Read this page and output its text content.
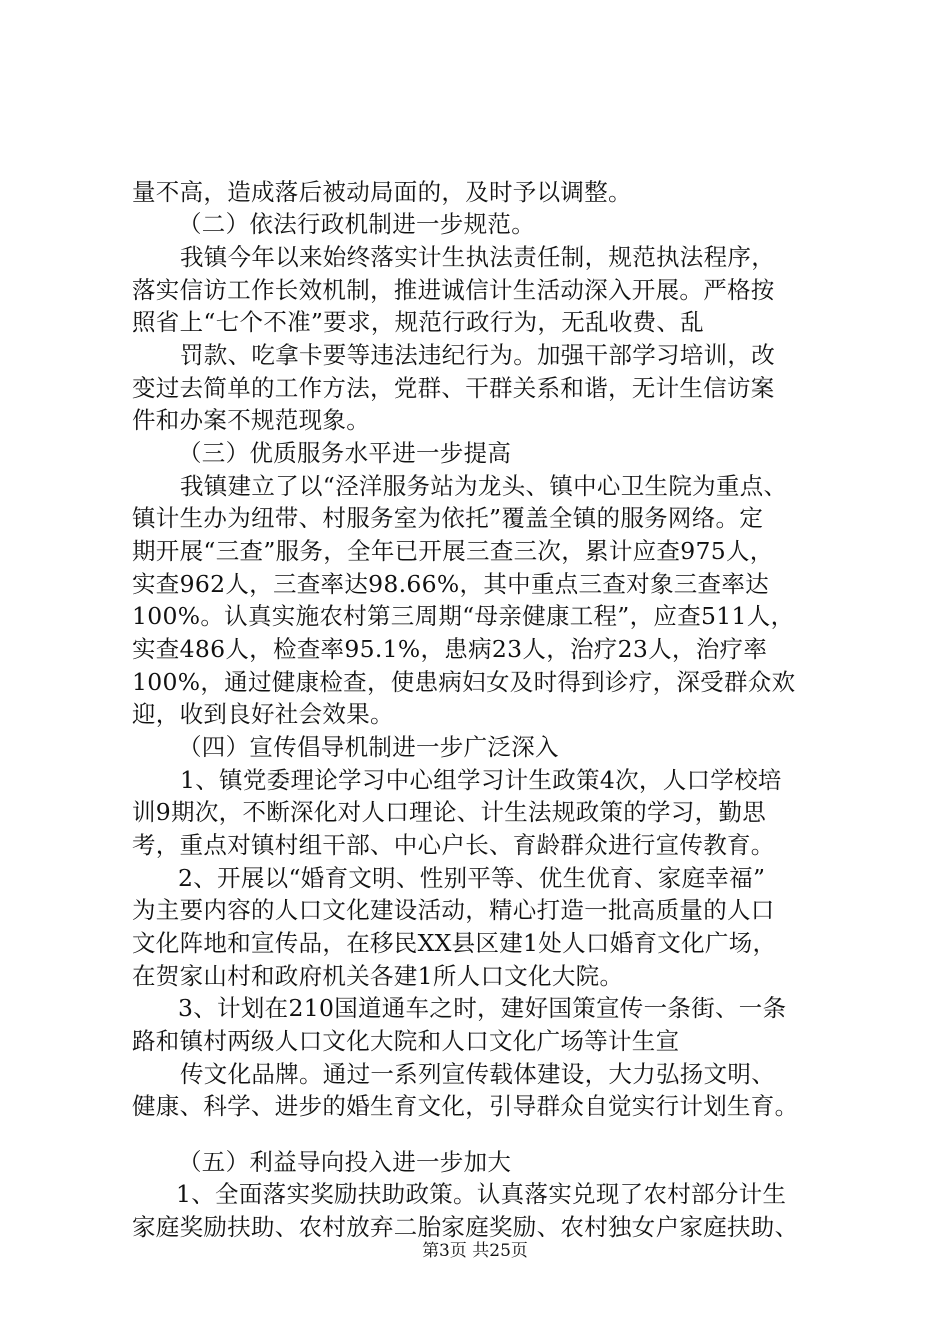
量不高，造成落后被动局面的，及时予以调整。
（二）依法行政机制进一步规范。
我镇今年以来始终落实计生执法责任制，规范执法程序，
落实信访工作长效机制，推进诚信计生活动深入开展。严格按
照省上“七个不准”要求，规范行政行为，无乱收费、乱
罚款、吃拿卡要等违法违纪行为。加强干部学习培训，改
变过去简单的工作方法，党群、干群关系和谐，无计生信访案
件和办案不规范现象。
（三）优质服务水平进一步提高
我镇建立了以“泾洋服务站为龙头、镇中心卫生院为重点、
镇计生办为纽带、村服务室为依托”覆盖全镇的服务网络。定
期开展“三查”服务，全年已开展三查三次，累计应查975人，
实查962人，三查率达98.66%，其中重点三查对象三查率达
100%。认真实施农村第三周期“母亲健康工程”，应查511人，
实查486人，检查率95.1%，患病23人，治疗23人，治疗率
100%，通过健康检查，使患病妇女及时得到诊疗，深受群众欢
迎，收到良好社会效果。
（四）宣传倡导机制进一步广泛深入
1、镇党委理论学习中心组学习计生政策4次，人口学校培
训9期次，不断深化对人口理论、计生法规政策的学习，勤思
考，重点对镇村组干部、中心户长、育龄群众进行宣传教育。
2、开展以“婚育文明、性别平等、优生优育、家庭幸福”
为主要内容的人口文化建设活动，精心打造一批高质量的人口
文化阵地和宣传品，在移民XX县区建1处人口婚育文化广场，
在贺家山村和政府机关各建1所人口文化大院。
3、计划在210国道通车之时，建好国策宣传一条街、一条
路和镇村两级人口文化大院和人口文化广场等计生宣
传文化品牌。通过一系列宣传载体建设，大力弘扬文明、
健康、科学、进步的婚生育文化，引导群众自觉实行计划生育。
（五）利益导向投入进一步加大
1、全面落实奖励扶助政策。认真落实兑现了农村部分计生
家庭奖励扶助、农村放弃二胎家庭奖励、农村独女户家庭扶助、
第3页 共25页
